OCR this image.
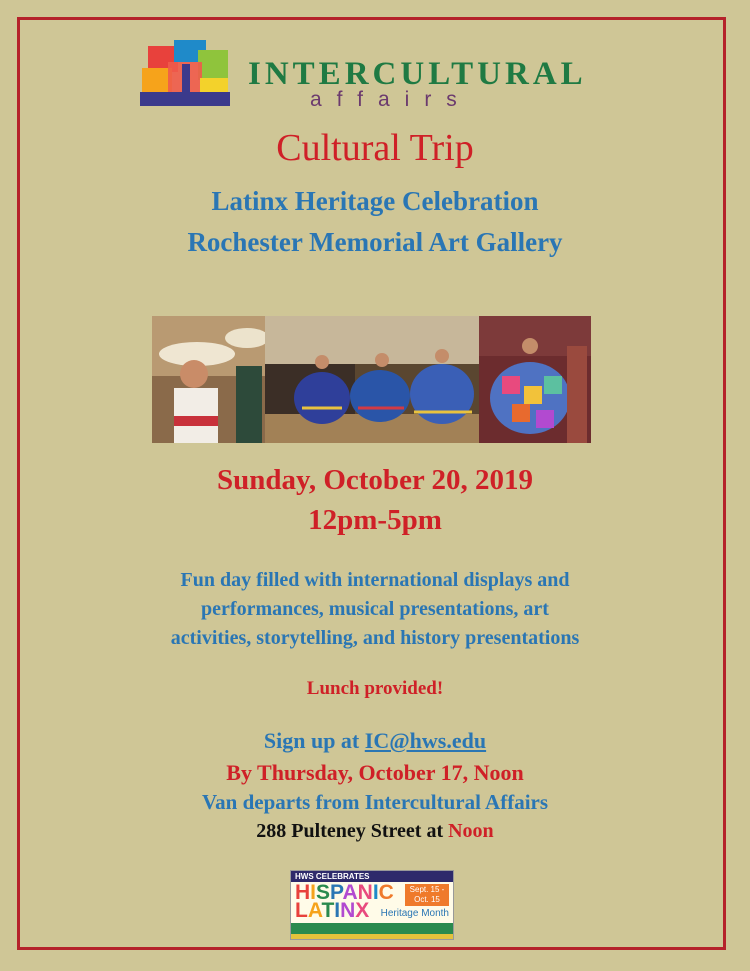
INTERCULTURAL
affairs
Cultural Trip
Latinx Heritage Celebration
Rochester Memorial Art Gallery
Sunday, October 20, 2019
12pm-5pm
Fun day filled with international displays and
performances, musical presentations, art
activities, storytelling, and history presentations
Lunch provided!
Sign up at IC@hws.edu
By Thursday, October 17, Noon
Van departs from Intercultural Affairs
288 Pulteney Street at Noon
HWS CELEBRATES
HISPANIC
LATINX
Sept. 15 - Oct. 15
Heritage Month
